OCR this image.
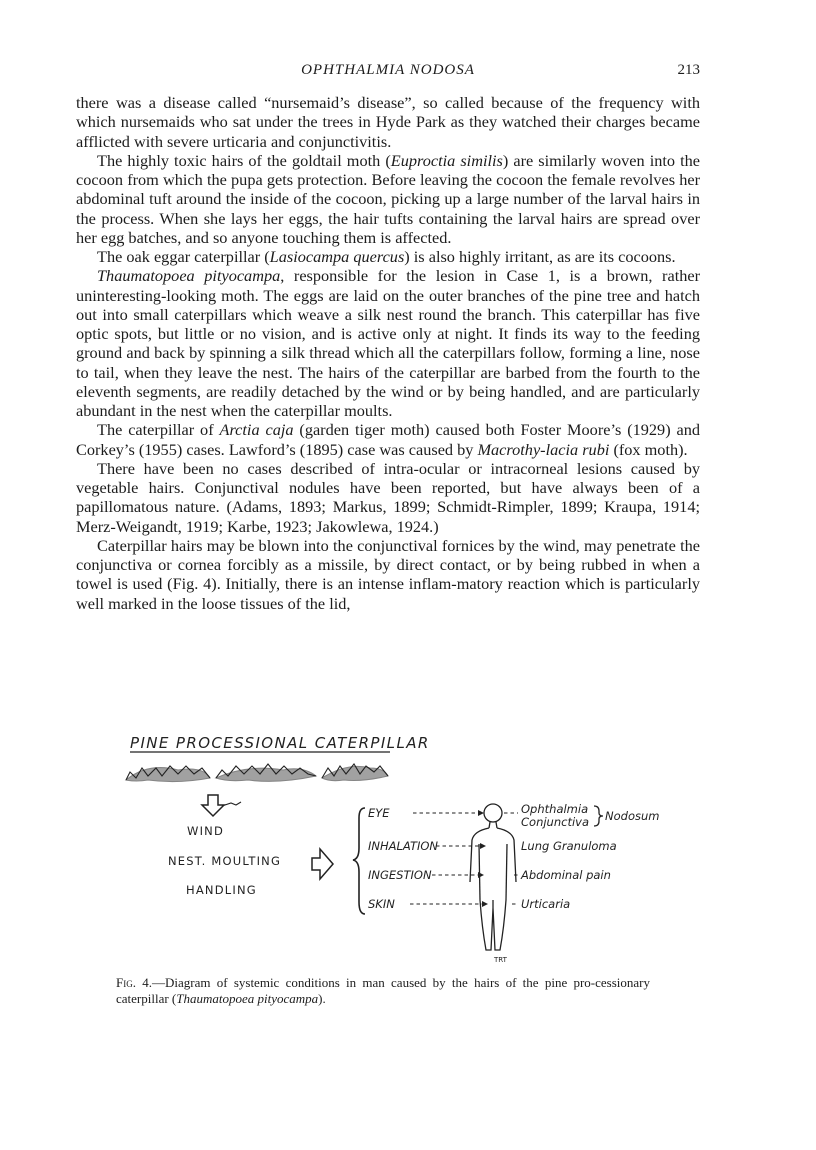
OPHTHALMIA NODOSA	213

there was a disease called “nursemaid’s disease”, so called because of the frequency with which nursemaids who sat under the trees in Hyde Park as they watched their charges became afflicted with severe urticaria and conjunctivitis.

The highly toxic hairs of the goldtail moth (Euproctia similis) are similarly woven into the cocoon from which the pupa gets protection. Before leaving the cocoon the female revolves her abdominal tuft around the inside of the cocoon, picking up a large number of the larval hairs in the process. When she lays her eggs, the hair tufts containing the larval hairs are spread over her egg batches, and so anyone touching them is affected.

The oak eggar caterpillar (Lasiocampa quercus) is also highly irritant, as are its cocoons.

Thaumatopoea pityocampa, responsible for the lesion in Case 1, is a brown, rather uninteresting-looking moth. The eggs are laid on the outer branches of the pine tree and hatch out into small caterpillars which weave a silk nest round the branch. This caterpillar has five optic spots, but little or no vision, and is active only at night. It finds its way to the feeding ground and back by spinning a silk thread which all the caterpillars follow, forming a line, nose to tail, when they leave the nest. The hairs of the caterpillar are barbed from the fourth to the eleventh segments, are readily detached by the wind or by being handled, and are particularly abundant in the nest when the caterpillar moults.

The caterpillar of Arctia caja (garden tiger moth) caused both Foster Moore’s (1929) and Corkey’s (1955) cases. Lawford’s (1895) case was caused by Macrothy-lacia rubi (fox moth).

There have been no cases described of intra-ocular or intracorneal lesions caused by vegetable hairs. Conjunctival nodules have been reported, but have always been of a papillomatous nature. (Adams, 1893; Markus, 1899; Schmidt-Rimpler, 1899; Kraupa, 1914; Merz-Weigandt, 1919; Karbe, 1923; Jakowlewa, 1924.)

Caterpillar hairs may be blown into the conjunctival fornices by the wind, may penetrate the conjunctiva or cornea forcibly as a missile, by direct contact, or by being rubbed in when a towel is used (Fig. 4). Initially, there is an intense inflam-matory reaction which is particularly well marked in the loose tissues of the lid,

PINE PROCESSIONAL CATERPILLAR
WIND
NEST. MOULTING
HANDLING
EYE
INHALATION
INGESTION
SKIN
Ophthalmia
Conjunctiva Nodosum
Lung Granuloma
Abdominal pain
Urticaria
TRT
Fig. 4.—Diagram of systemic conditions in man caused by the hairs of the pine pro-cessionary caterpillar (Thaumatopoea pityocampa).
